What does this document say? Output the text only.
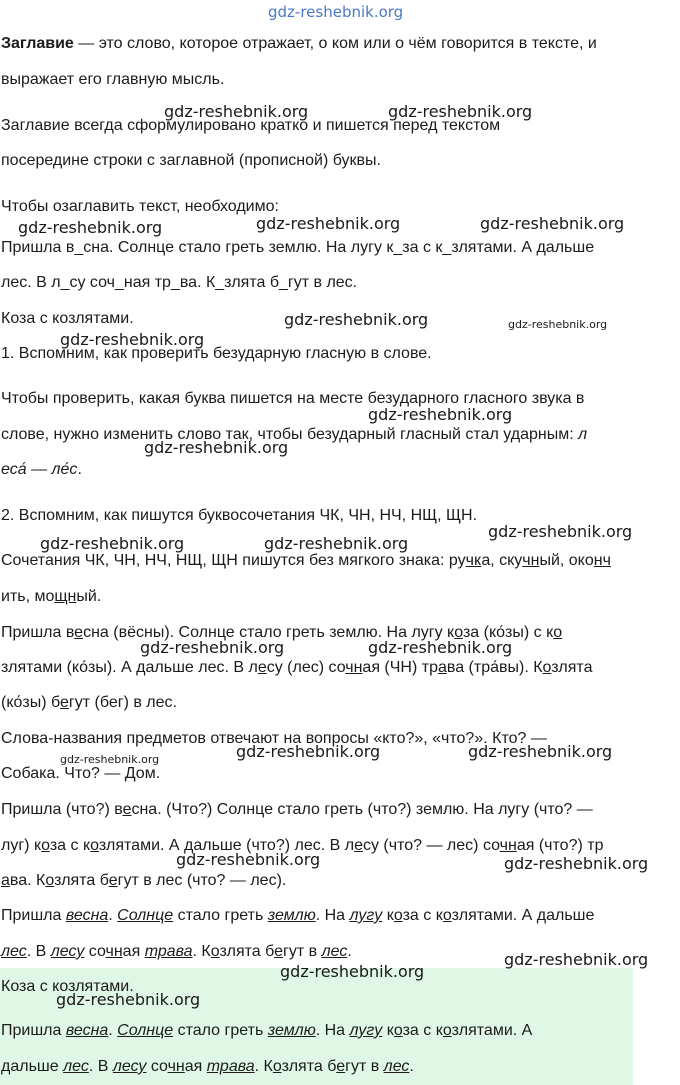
gdz-reshebnik.org
Заглавие — это слово, которое отражает, о ком или о чём говорится в тексте, и
выражает его главную мысль.
Заглавие всегда сформулировано кратко и пишется перед текстом
посередине строки с заглавной (прописной) буквы.
Чтобы озаглавить текст, необходимо:
Пришла в_сна. Солнце стало греть землю. На лугу к_за с к_злятами. А дальше
лес. В л_су соч_ная тр_ва. К_злята б_гут в лес.
Коза с козлятами.
1. Вспомним, как проверить безударную гласную в слове.
Чтобы проверить, какая буква пишется на месте безударного гласного звука в
слове, нужно изменить слово так, чтобы безударный гласный стал ударным: л
еса́ — ле́с.
2. Вспомним, как пишутся буквосочетания ЧК, ЧН, НЧ, НЩ, ЩН.
Сочетания ЧК, ЧН, НЧ, НЩ, ЩН пишутся без мягкого знака: ручка, скучный, оконч
ить, мощный.
Пришла весна (вёсны). Солнце стало греть землю. На лугу коза (ко́зы) с ко
злятами (ко́зы). А дальше лес. В лесу (лес) сочная (ЧН) трава (тра́вы). Козлята
(ко́зы) бегут (бег) в лес.
Слова-названия предметов отвечают на вопросы «кто?», «что?». Кто? —
Собака. Что? — Дом.
Пришла (что?) весна. (Что?) Солнце стало греть (что?) землю. На лугу (что? —
луг) коза с козлятами. А дальше (что?) лес. В лесу (что? — лес) сочная (что?) тр
ава. Козлята бегут в лес (что? — лес).
Пришла весна. Солнце стало греть землю. На лугу коза с козлятами. А дальше
лес. В лесу сочная трава. Козлята бегут в лес.
Коза с козлятами.
Пришла весна. Солнце стало греть землю. На лугу коза с козлятами. А
дальше лес. В лесу сочная трава. Козлята бегут в лес.
gdz-reshebnik.org	gdz-reshebnik.org
gdz-reshebnik.org	gdz-reshebnik.org	gdz-reshebnik.org
gdz-reshebnik.org	gdz-reshebnik.org
gdz-reshebnik.org
gdz-reshebnik.org
gdz-reshebnik.org
gdz-reshebnik.org
gdz-reshebnik.org	gdz-reshebnik.org
gdz-reshebnik.org	gdz-reshebnik.org
gdz-reshebnik.org	gdz-reshebnik.org	gdz-reshebnik.org
gdz-reshebnik.org	gdz-reshebnik.org
gdz-reshebnik.org
gdz-reshebnik.org
gdz-reshebnik.org
